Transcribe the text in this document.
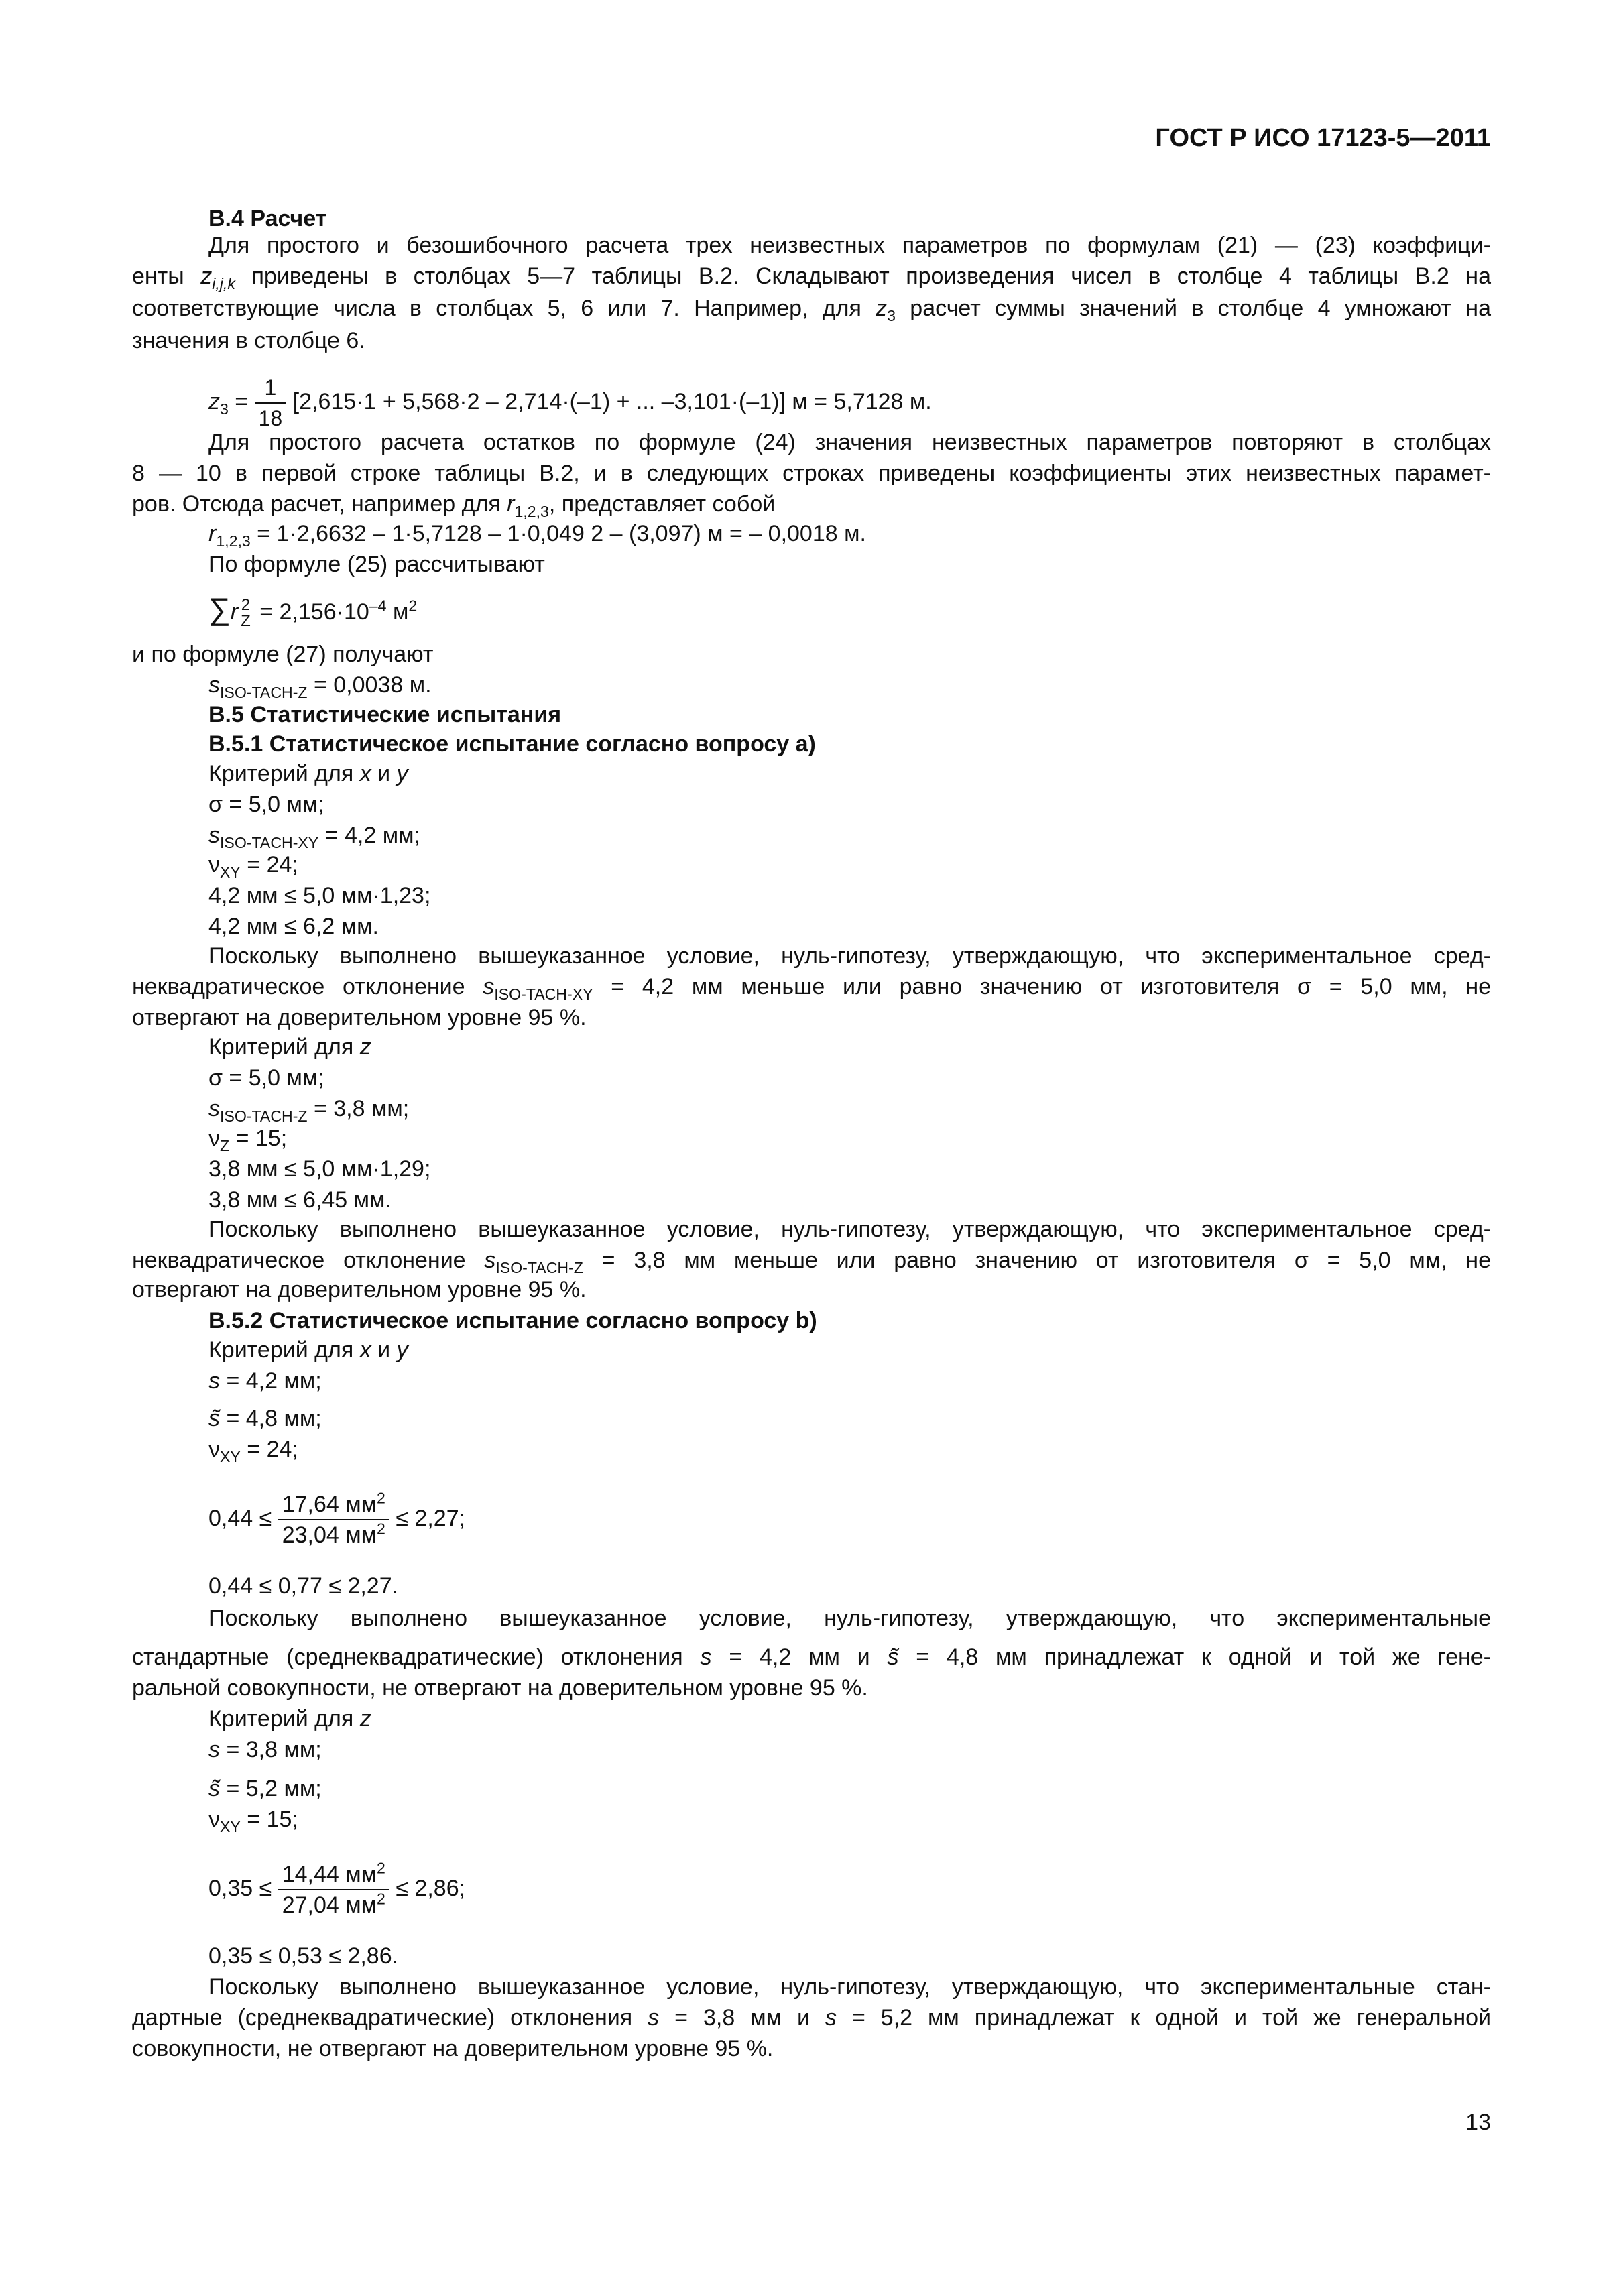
ГОСТ Р ИСО 17123-5—2011
В.4 Расчет
Для простого и безошибочного расчета трех неизвестных параметров по формулам (21) — (23) коэффици-
енты $z_{i,j,k}$ приведены в столбцах 5—7 таблицы В.2. Складывают произведения чисел в столбце 4 таблицы В.2 на
соответствующие числа в столбцах 5, 6 или 7. Например, для $z_3$ расчет суммы значений в столбце 4 умножают на
значения в столбце 6.
$z_3 = \frac{1}{18} [2,615\cdot 1 + 5,568\cdot 2 - 2,714\cdot(-1)$ + ... –3,101·(–1)] м = 5,7128 м.
Для простого расчета остатков по формуле (24) значения неизвестных параметров повторяют в столбцах
8 — 10 в первой строке таблицы В.2, и в следующих строках приведены коэффициенты этих неизвестных парамет-
ров. Отсюда расчет, например для $r_{1,2,3}$, представляет собой
$r_{1,2,3} = 1\cdot 2,6632 - 1\cdot 5,7128 - 1\cdot 0,049$ 2 – (3,097) м = – 0,0018 м.
По формуле (25) рассчитывают
∑r 2
$Z = 2,156\cdot 10^{-4}$ $м^2$
и по формуле (27) получают
$s_{ISO-TACH-Z} = 0,0038$ м.
В.5 Статистические испытания
В.5.1 Статистическое испытание согласно вопросу a)
Критерий для x и y
σ = 5,0 мм;
$s_{ISO-TACH-XY} = 4,2$ мм;
$\nu_{XY} = 24$;
4,2 мм ≤ 5,0 мм·1,23;
4,2 мм ≤ 6,2 мм.
Поскольку выполнено вышеуказанное условие, нуль-гипотезу, утверждающую, что экспериментальное сред-
неквадратическое отклонение $s_{ISO-TACH-XY} = 4,2$ мм меньше или равно значению от изготовителя σ = 5,0 мм, не
отвергают на доверительном уровне 95 %.
Критерий для z
σ = 5,0 мм;
$s_{ISO-TACH-Z} = 3,8$ мм;
$\nu_Z = 15$;
3,8 мм ≤ 5,0 мм·1,29;
3,8 мм ≤ 6,45 мм.
Поскольку выполнено вышеуказанное условие, нуль-гипотезу, утверждающую, что экспериментальное сред-
неквадратическое отклонение $s_{ISO-TACH-Z} = 3,8$ мм меньше или равно значению от изготовителя σ = 5,0 мм, не
отвергают на доверительном уровне 95 %.
В.5.2 Статистическое испытание согласно вопросу b)
Критерий для x и y
s = 4,2 мм;
s̃ = 4,8 мм;
$\nu_{XY} = 24$;
$0,44 \le \frac{17,64 мм^2}{23,04 мм^2} \le 2,27$;
0,44 ≤ 0,77 ≤ 2,27.
Поскольку выполнено вышеуказанное условие, нуль-гипотезу, утверждающую, что экспериментальные
стандартные (среднеквадратические) отклонения s = 4,2 мм и s̃ = 4,8 мм принадлежат к одной и той же гене-
ральной совокупности, не отвергают на доверительном уровне 95 %.
Критерий для z
s = 3,8 мм;
s̃ = 5,2 мм;
$\nu_{XY} = 15$;
$0,35 \le \frac{14,44 мм^2}{27,04 мм^2} \le 2,86$;
0,35 ≤ 0,53 ≤ 2,86.
Поскольку выполнено вышеуказанное условие, нуль-гипотезу, утверждающую, что экспериментальные стан-
дартные (среднеквадратические) отклонения s = 3,8 мм и s = 5,2 мм принадлежат к одной и той же генеральной
совокупности, не отвергают на доверительном уровне 95 %.
13
